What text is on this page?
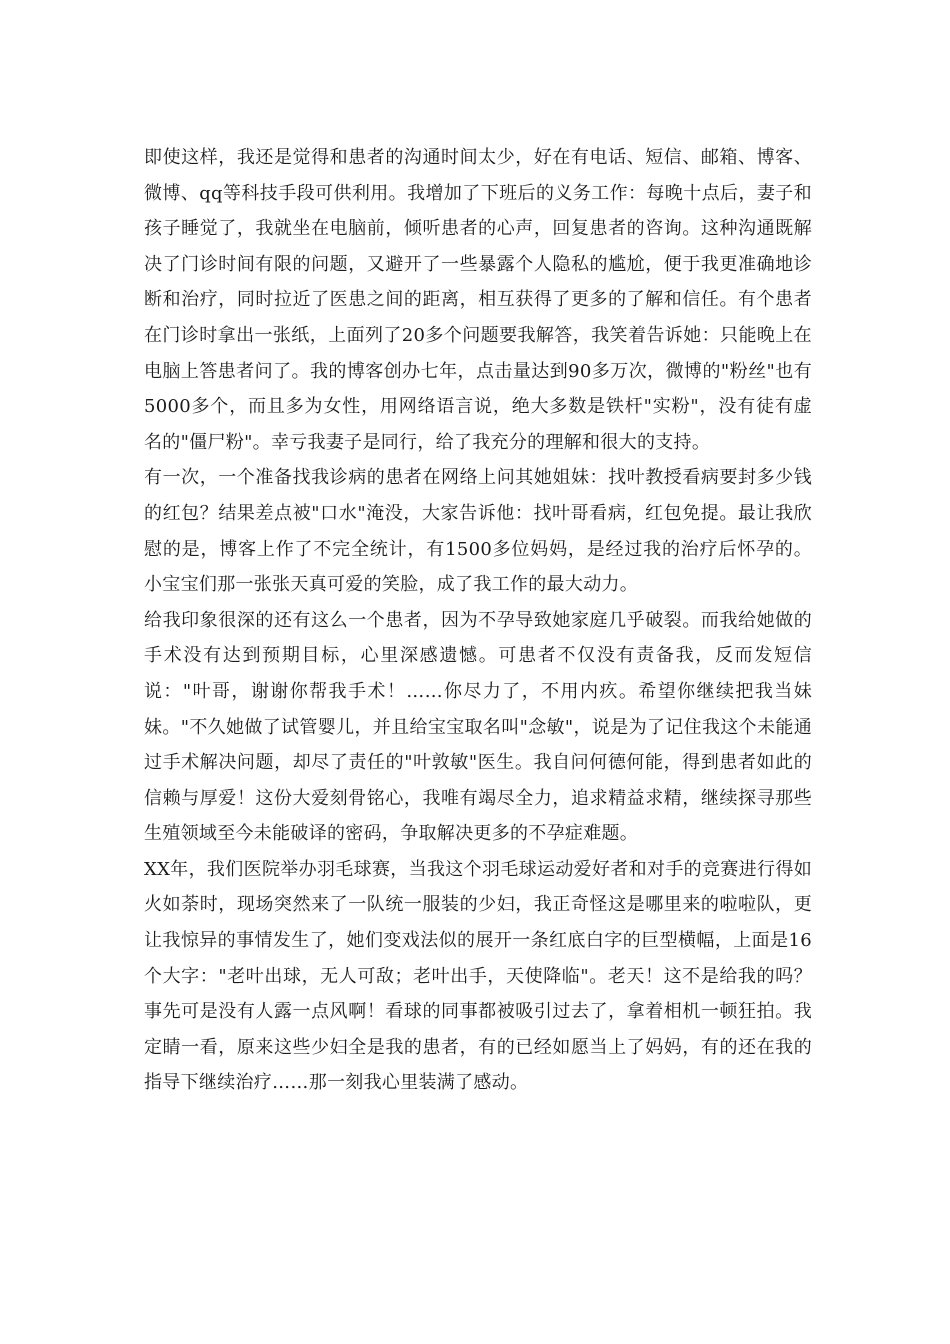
即使这样，我还是觉得和患者的沟通时间太少，好在有电话、短信、邮箱、博客、微博、qq等科技手段可供利用。我增加了下班后的义务工作：每晚十点后，妻子和孩子睡觉了，我就坐在电脑前，倾听患者的心声，回复患者的咨询。这种沟通既解决了门诊时间有限的问题，又避开了一些暴露个人隐私的尴尬，便于我更准确地诊断和治疗，同时拉近了医患之间的距离，相互获得了更多的了解和信任。有个患者在门诊时拿出一张纸，上面列了20多个问题要我解答，我笑着告诉她：只能晚上在电脑上答患者问了。我的博客创办七年，点击量达到90多万次，微博的"粉丝"也有5000多个，而且多为女性，用网络语言说，绝大多数是铁杆"实粉"，没有徒有虚名的"僵尸粉"。幸亏我妻子是同行，给了我充分的理解和很大的支持。

有一次，一个准备找我诊病的患者在网络上问其她姐妹：找叶教授看病要封多少钱的红包？结果差点被"口水"淹没，大家告诉他：找叶哥看病，红包免提。最让我欣慰的是，博客上作了不完全统计，有1500多位妈妈，是经过我的治疗后怀孕的。小宝宝们那一张张天真可爱的笑脸，成了我工作的最大动力。

给我印象很深的还有这么一个患者，因为不孕导致她家庭几乎破裂。而我给她做的手术没有达到预期目标，心里深感遗憾。可患者不仅没有责备我，反而发短信说："叶哥，谢谢你帮我手术！……你尽力了，不用内疚。希望你继续把我当妹妹。"不久她做了试管婴儿，并且给宝宝取名叫"念敏"，说是为了记住我这个未能通过手术解决问题，却尽了责任的"叶敦敏"医生。我自问何德何能，得到患者如此的信赖与厚爱！这份大爱刻骨铭心，我唯有竭尽全力，追求精益求精，继续探寻那些生殖领域至今未能破译的密码，争取解决更多的不孕症难题。

XX年，我们医院举办羽毛球赛，当我这个羽毛球运动爱好者和对手的竞赛进行得如火如荼时，现场突然来了一队统一服装的少妇，我正奇怪这是哪里来的啦啦队，更让我惊异的事情发生了，她们变戏法似的展开一条红底白字的巨型横幅，上面是16个大字："老叶出球，无人可敌；老叶出手，天使降临"。老天！这不是给我的吗？事先可是没有人露一点风啊！看球的同事都被吸引过去了，拿着相机一顿狂拍。我定睛一看，原来这些少妇全是我的患者，有的已经如愿当上了妈妈，有的还在我的指导下继续治疗……那一刻我心里装满了感动。
